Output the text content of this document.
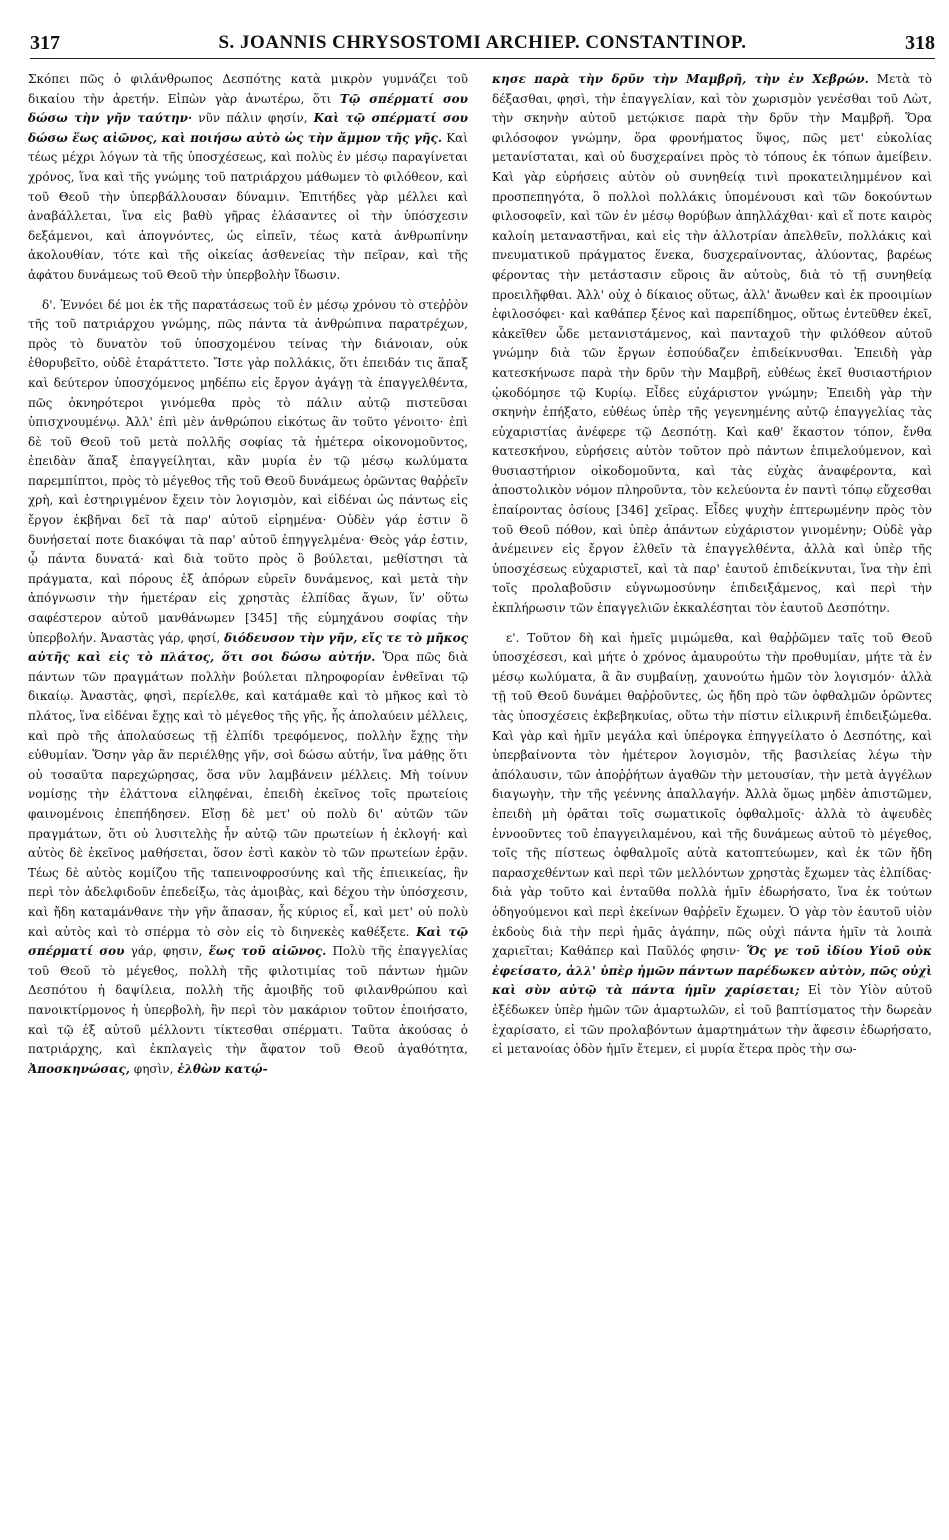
317	S. JOANNIS CHRYSOSTOMI ARCHIEP. CONSTANTINOP.	318

Σκόπει πῶς ὁ φιλάνθρωπος Δεσπότης κατὰ μικρὸν γυμνάζει τοῦ δικαίου τὴν ἀρετήν. Εἰπὼν γὰρ ἀνωτέρω, ὅτι Τῷ σπέρματί σου δώσω τὴν γῆν ταύτην· νῦν πάλιν φησίν, Καὶ τῷ σπέρματί σου δώσω ἕως αἰῶνος, καὶ ποιήσω αὐτὸ ὡς τὴν ἄμμον τῆς γῆς. Καὶ τέως μέχρι λόγων τὰ τῆς ὑποσχέσεως, καὶ πολὺς ἐν μέσῳ παραγίνεται χρόνος, ἵνα καὶ τῆς γνώμης τοῦ πατριάρχου μάθωμεν τὸ φιλόθεον, καὶ τοῦ Θεοῦ τὴν ὑπερβάλλουσαν δύναμιν. Ἐπιτήδες γὰρ μέλλει καὶ ἀναβάλλεται, ἵνα εἰς βαθὺ γῆρας ἐλάσαντες οἱ τὴν ὑπόσχεσιν δεξάμενοι, καὶ ἀπογνόντες, ὡς εἰπεῖν, τέως κατὰ ἀνθρωπίνην ἀκολουθίαν, τότε καὶ τῆς οἰκείας ἀσθενείας τὴν πεῖραν, καὶ τῆς ἀφάτου δυνάμεως τοῦ Θεοῦ τὴν ὑπερβολὴν ἴδωσιν.

δ'. Ἐννόει δέ μοι ἐκ τῆς παρατάσεως τοῦ ἐν μέσῳ χρόνου τὸ στεῤῥὸν τῆς τοῦ πατριάρχου γνώμης, πῶς πάντα τὰ ἀνθρώπινα παρατρέχων, πρὸς τὸ δυνατὸν τοῦ ὑποσχομένου τείνας τὴν διάνοιαν, οὐκ ἐθορυβεῖτο, οὐδὲ ἐταράττετο. Ἴστε γὰρ πολλάκις, ὅτι ἐπειδάν τις ἅπαξ καὶ δεύτερον ὑποσχόμενος μηδέπω εἰς ἔργον ἀγάγῃ τὰ ἐπαγγελθέντα, πῶς ὀκνηρότεροι γινόμεθα πρὸς τὸ πάλιν αὐτῷ πιστεῦσαι ὑπισχνουμένῳ. Ἀλλ' ἐπὶ μὲν ἀνθρώπου εἰκότως ἂν τοῦτο γένοιτο· ἐπὶ δὲ τοῦ Θεοῦ τοῦ μετὰ πολλῆς σοφίας τὰ ἡμέτερα οἰκονομοῦντος, ἐπειδὰν ἅπαξ ἐπαγγείληται, κἂν μυρία ἐν τῷ μέσῳ κωλύματα παρεμπίπτοι, πρὸς τὸ μέγεθος τῆς τοῦ Θεοῦ δυνάμεως ὁρῶντας θαῤῥεῖν χρὴ, καὶ ἐστηριγμένον ἔχειν τὸν λογισμὸν, καὶ εἰδέναι ὡς πάντως εἰς ἔργον ἐκβῆναι δεῖ τὰ παρ' αὐτοῦ εἰρημένα· Οὐδὲν γάρ ἐστιν ὃ δυνήσεταί ποτε διακόψαι τὰ παρ' αὐτοῦ ἐπηγγελμένα· Θεὸς γάρ ἐστιν, ᾧ πάντα δυνατά· καὶ διὰ τοῦτο πρὸς ὃ βούλεται, μεθίστησι τὰ πράγματα, καὶ πόρους ἐξ ἀπόρων εὑρεῖν δυνάμενος, καὶ μετὰ τὴν ἀπόγνωσιν τὴν ἡμετέραν εἰς χρηστὰς ἐλπίδας ἄγων, ἵν' οὕτω σαφέστερον αὐτοῦ μανθάνωμεν [345] τῆς εὐμηχάνου σοφίας τὴν ὑπερβολήν. Ἀναστὰς γάρ, φησί, διόδευσον τὴν γῆν, εἴς τε τὸ μῆκος αὐτῆς καὶ εἰς τὸ πλάτος, ὅτι σοι δώσω αὐτήν. Ὅρα πῶς διὰ πάντων τῶν πραγμάτων πολλὴν βούλεται πληροφορίαν ἐνθεῖναι τῷ δικαίῳ. Ἀναστὰς, φησὶ, περίελθε, καὶ κατάμαθε καὶ τὸ μῆκος καὶ τὸ πλάτος, ἵνα εἰδέναι ἔχῃς καὶ τὸ μέγεθος τῆς γῆς, ἧς ἀπολαύειν μέλλεις, καὶ πρὸ τῆς ἀπολαύσεως τῇ ἐλπίδι τρεφόμενος, πολλὴν ἔχῃς τὴν εὐθυμίαν. Ὅσην γὰρ ἂν περιέλθῃς γῆν, σοὶ δώσω αὐτήν, ἵνα μάθῃς ὅτι οὐ τοσαῦτα παρεχώρησας, ὅσα νῦν λαμβάνειν μέλλεις. Μὴ τοίνυν νομίσῃς τὴν ἐλάττονα εἰληφέναι, ἐπειδὴ ἐκεῖνος τοῖς πρωτείοις φαινομένοις ἐπεπήδησεν. Εἴσῃ δὲ μετ' οὐ πολὺ δι' αὐτῶν τῶν πραγμάτων, ὅτι οὐ λυσιτελὴς ἦν αὐτῷ τῶν πρωτείων ἡ ἐκλογή· καὶ αὐτὸς δὲ ἐκεῖνος μαθήσεται, ὅσον ἐστὶ κακὸν τὸ τῶν πρωτείων ἐρᾷν. Τέως δὲ αὐτὸς κομίζου τῆς ταπεινοφροσύνης καὶ τῆς ἐπιεικείας, ἣν περὶ τὸν ἀδελφιδοῦν ἐπεδείξω, τὰς ἀμοιβὰς, καὶ δέχου τὴν ὑπόσχεσιν, καὶ ἤδη καταμάνθανε τὴν γῆν ἅπασαν, ἧς κύριος εἶ, καὶ μετ' οὐ πολὺ καὶ αὐτὸς καὶ τὸ σπέρμα τὸ σὸν εἰς τὸ διηνεκὲς καθέξετε. Καὶ τῷ σπέρματί σου γάρ, φησιν, ἕως τοῦ αἰῶνος. Πολὺ τῆς ἐπαγγελίας τοῦ Θεοῦ τὸ μέγεθος, πολλὴ τῆς φιλοτιμίας τοῦ πάντων ἡμῶν Δεσπότου ἡ δαψίλεια, πολλὴ τῆς ἀμοιβῆς τοῦ φιλανθρώπου καὶ πανοικτίρμονος ἡ ὑπερβολὴ, ἣν περὶ τὸν μακάριον τοῦτον ἐποιήσατο, καὶ τῷ ἐξ αὐτοῦ μέλλοντι τίκτεσθαι σπέρματι. Ταῦτα ἀκούσας ὁ πατριάρχης, καὶ ἐκπλαγεὶς τὴν ἄφατον τοῦ Θεοῦ ἀγαθότητα, Ἀποσκηνώσας, φησὶν, ἐλθὼν κατῴ-

κησε παρὰ τὴν δρῦν τὴν Μαμβρῆ, τὴν ἐν Χεβρών. Μετὰ τὸ δέξασθαι, φησὶ, τὴν ἐπαγγελίαν, καὶ τὸν χωρισμὸν γενέσθαι τοῦ Λὼτ, τὴν σκηνὴν αὐτοῦ μετῴκισε παρὰ τὴν δρῦν τὴν Μαμβρῆ. Ὅρα φιλόσοφον γνώμην, ὅρα φρονήματος ὕψος, πῶς μετ' εὐκολίας μετανίσταται, καὶ οὐ δυσχεραίνει πρὸς τὸ τόπους ἐκ τόπων ἀμείβειν. Καὶ γὰρ εὑρήσεις αὐτὸν οὐ συνηθείᾳ τινὶ προκατειλημμένον καὶ προσπεπηγότα, ὃ πολλοὶ πολλάκις ὑπομένουσι καὶ τῶν δοκούντων φιλοσοφεῖν, καὶ τῶν ἐν μέσῳ θορύβων ἀπηλλάχθαι· καὶ εἴ ποτε καιρὸς καλοίη μεταναστῆναι, καὶ εἰς τὴν ἀλλοτρίαν ἀπελθεῖν, πολλάκις καὶ πνευματικοῦ πράγματος ἕνεκα, δυσχεραίνοντας, ἀλύοντας, βαρέως φέροντας τὴν μετάστασιν εὕροις ἂν αὐτοὺς, διὰ τὸ τῇ συνηθείᾳ προειλῆφθαι. Ἀλλ' οὐχ ὁ δίκαιος οὕτως, ἀλλ' ἄνωθεν καὶ ἐκ προοιμίων ἐφιλοσόφει· καὶ καθάπερ ξένος καὶ παρεπίδημος, οὕτως ἐντεῦθεν ἐκεῖ, κἀκεῖθεν ὧδε μετανιστάμενος, καὶ πανταχοῦ τὴν φιλόθεον αὐτοῦ γνώμην διὰ τῶν ἔργων ἐσπούδαζεν ἐπιδείκνυσθαι. Ἐπειδὴ γὰρ κατεσκήνωσε παρὰ τὴν δρῦν τὴν Μαμβρῆ, εὐθέως ἐκεῖ θυσιαστήριον ᾠκοδόμησε τῷ Κυρίῳ. Εἶδες εὐχάριστον γνώμην; Ἐπειδὴ γὰρ τὴν σκηνὴν ἐπήξατο, εὐθέως ὑπὲρ τῆς γεγενημένης αὐτῷ ἐπαγγελίας τὰς εὐχαριστίας ἀνέφερε τῷ Δεσπότῃ. Καὶ καθ' ἕκαστον τόπον, ἔνθα κατεσκήνου, εὑρήσεις αὐτὸν τοῦτον πρὸ πάντων ἐπιμελούμενον, καὶ θυσιαστήριον οἰκοδομοῦντα, καὶ τὰς εὐχὰς ἀναφέροντα, καὶ ἀποστολικὸν νόμον πληροῦντα, τὸν κελεύοντα ἐν παντὶ τόπῳ εὔχεσθαι ἐπαίροντας ὁσίους [346] χεῖρας. Εἶδες ψυχὴν ἐπτερωμένην πρὸς τὸν τοῦ Θεοῦ πόθον, καὶ ὑπὲρ ἁπάντων εὐχάριστον γινομένην; Οὐδὲ γὰρ ἀνέμεινεν εἰς ἔργον ἐλθεῖν τὰ ἐπαγγελθέντα, ἀλλὰ καὶ ὑπὲρ τῆς ὑποσχέσεως εὐχαριστεῖ, καὶ τὰ παρ' ἑαυτοῦ ἐπιδείκνυται, ἵνα τὴν ἐπὶ τοῖς προλαβοῦσιν εὐγνωμοσύνην ἐπιδειξάμενος, καὶ περὶ τὴν ἐκπλήρωσιν τῶν ἐπαγγελιῶν ἐκκαλέσηται τὸν ἑαυτοῦ Δεσπότην.

ε'. Τοῦτον δὴ καὶ ἡμεῖς μιμώμεθα, καὶ θαῤῥῶμεν ταῖς τοῦ Θεοῦ ὑποσχέσεσι, καὶ μήτε ὁ χρόνος ἀμαυρούτω τὴν προθυμίαν, μήτε τὰ ἐν μέσῳ κωλύματα, ἃ ἂν συμβαίνῃ, χαυνούτω ἡμῶν τὸν λογισμόν· ἀλλὰ τῇ τοῦ Θεοῦ δυνάμει θαῤῥοῦντες, ὡς ἤδη πρὸ τῶν ὀφθαλμῶν ὁρῶντες τὰς ὑποσχέσεις ἐκβεβηκυίας, οὕτω τὴν πίστιν εἰλικρινῆ ἐπιδειξώμεθα. Καὶ γὰρ καὶ ἡμῖν μεγάλα καὶ ὑπέρογκα ἐπηγγείλατο ὁ Δεσπότης, καὶ ὑπερβαίνοντα τὸν ἡμέτερον λογισμὸν, τῆς βασιλείας λέγω τὴν ἀπόλαυσιν, τῶν ἀποῤῥήτων ἀγαθῶν τὴν μετουσίαν, τὴν μετὰ ἀγγέλων διαγωγὴν, τὴν τῆς γεέννης ἀπαλλαγήν. Ἀλλὰ ὅμως μηδὲν ἀπιστῶμεν, ἐπειδὴ μὴ ὁρᾶται τοῖς σωματικοῖς ὀφθαλμοῖς· ἀλλὰ τὸ ἀψευδὲς ἐννοοῦντες τοῦ ἐπαγγειλαμένου, καὶ τῆς δυνάμεως αὐτοῦ τὸ μέγεθος, τοῖς τῆς πίστεως ὀφθαλμοῖς αὐτὰ κατοπτεύωμεν, καὶ ἐκ τῶν ἤδη παρασχεθέντων καὶ περὶ τῶν μελλόντων χρηστὰς ἔχωμεν τὰς ἐλπίδας· διὰ γὰρ τοῦτο καὶ ἐνταῦθα πολλὰ ἡμῖν ἐδωρήσατο, ἵνα ἐκ τούτων ὁδηγούμενοι καὶ περὶ ἐκείνων θαῤῥεῖν ἔχωμεν. Ὁ γὰρ τὸν ἑαυτοῦ υἱὸν ἐκδοὺς διὰ τὴν περὶ ἡμᾶς ἀγάπην, πῶς οὐχὶ πάντα ἡμῖν τὰ λοιπὰ χαριεῖται; Καθάπερ καὶ Παῦλός φησιν· Ὅς γε τοῦ ἰδίου Υἱοῦ οὐκ ἐφείσατο, ἀλλ' ὑπὲρ ἡμῶν πάντων παρέδωκεν αὐτὸν, πῶς οὐχὶ καὶ σὺν αὐτῷ τὰ πάντα ἡμῖν χαρίσεται; Εἰ τὸν Υἱὸν αὐτοῦ ἐξέδωκεν ὑπὲρ ἡμῶν τῶν ἁμαρτωλῶν, εἰ τοῦ βαπτίσματος τὴν δωρεὰν ἐχαρίσατο, εἰ τῶν προλαβόντων ἁμαρτημάτων τὴν ἄφεσιν ἐδωρήσατο, εἰ μετανοίας ὁδὸν ἡμῖν ἔτεμεν, εἰ μυρία ἕτερα πρὸς τὴν σω-
